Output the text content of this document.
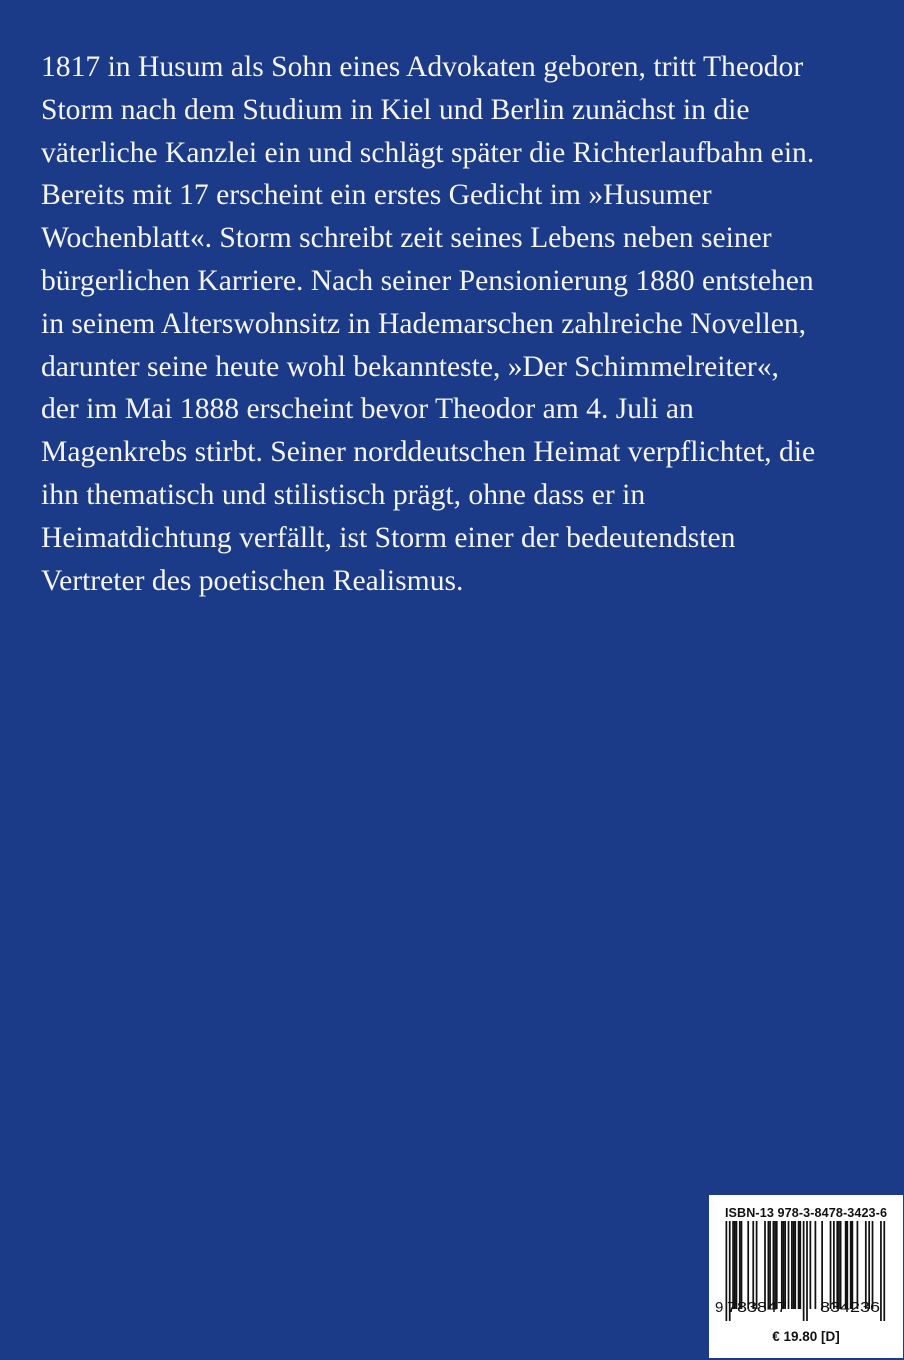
1817 in Husum als Sohn eines Advokaten geboren, tritt Theodor
Storm nach dem Studium in Kiel und Berlin zunächst in die
väterliche Kanzlei ein und schlägt später die Richterlaufbahn ein.
Bereits mit 17 erscheint ein erstes Gedicht im »Husumer
Wochenblatt«. Storm schreibt zeit seines Lebens neben seiner
bürgerlichen Karriere. Nach seiner Pensionierung 1880 entstehen
in seinem Alterswohnsitz in Hademarschen zahlreiche Novellen,
darunter seine heute wohl bekannteste, »Der Schimmelreiter«,
der im Mai 1888 erscheint bevor Theodor am 4. Juli an
Magenkrebs stirbt. Seiner norddeutschen Heimat verpflichtet, die
ihn thematisch und stilistisch prägt, ohne dass er in
Heimatdichtung verfällt, ist Storm einer der bedeutendsten
Vertreter des poetischen Realismus.
ISBN-13 978-3-8478-3423-6
9 783847 834236
€ 19.80 [D]
